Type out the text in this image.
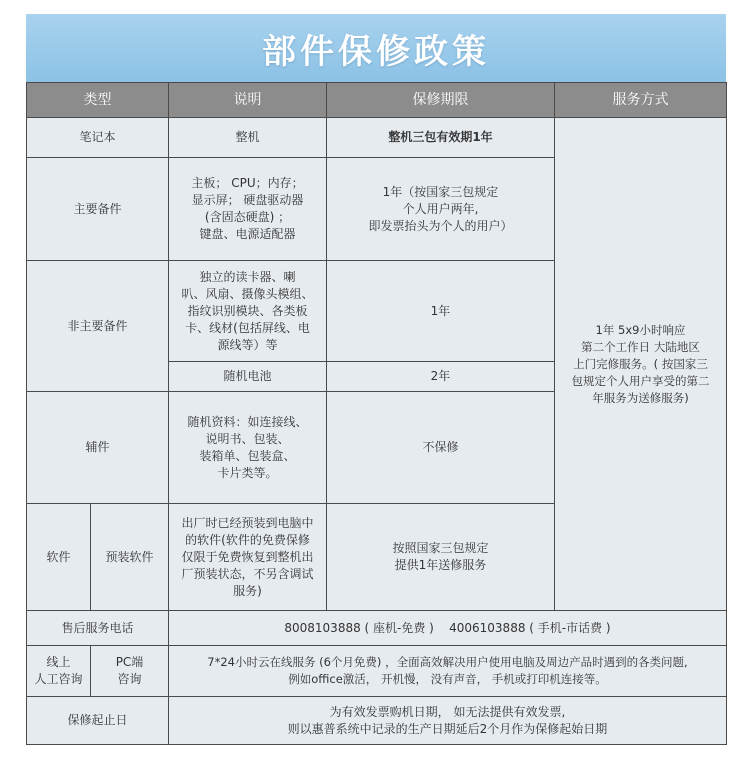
部件保修政策
类型		说明	保修期限	服务方式
笔记本		整机	整机三包有效期1年	1年 5x9小时响应
第二个工作日 大陆地区
上门完修服务。( 按国家三
包规定个人用户享受的第二
年服务为送修服务)
主要备件		主板； CPU；内存；
显示屏； 硬盘驱动器
(含固态硬盘) ；
键盘、电源适配器	1年（按国家三包规定
个人用户两年,
即发票抬头为个人的用户）	
非主要备件		独立的读卡器、喇
叭、风扇、摄像头模组、
指纹识别模块、各类板
卡、线材(包括屏线、电
源线等）等	1年	
		随机电池	2年	
辅件		随机资料：如连接线、
说明书、包装、
装箱单、包装盒、
卡片类等。	不保修	
软件	预装软件	出厂时已经预装到电脑中
的软件(软件的免费保修
仅限于免费恢复到整机出
厂预装状态，不另含调试
服务)	按照国家三包规定
提供1年送修服务	
售后服务电话		8008103888 ( 座机-免费 )    4006103888 ( 手机-市话费 )		
线上
人工咨询	PC端
咨询	7*24小时云在线服务 (6个月免费) ，全面高效解决用户使用电脑及周边产品时遇到的各类问题,
例如office激活， 开机慢， 没有声音， 手机或打印机连接等。		
保修起止日		为有效发票购机日期， 如无法提供有效发票,
则以惠普系统中记录的生产日期延后2个月作为保修起始日期		
